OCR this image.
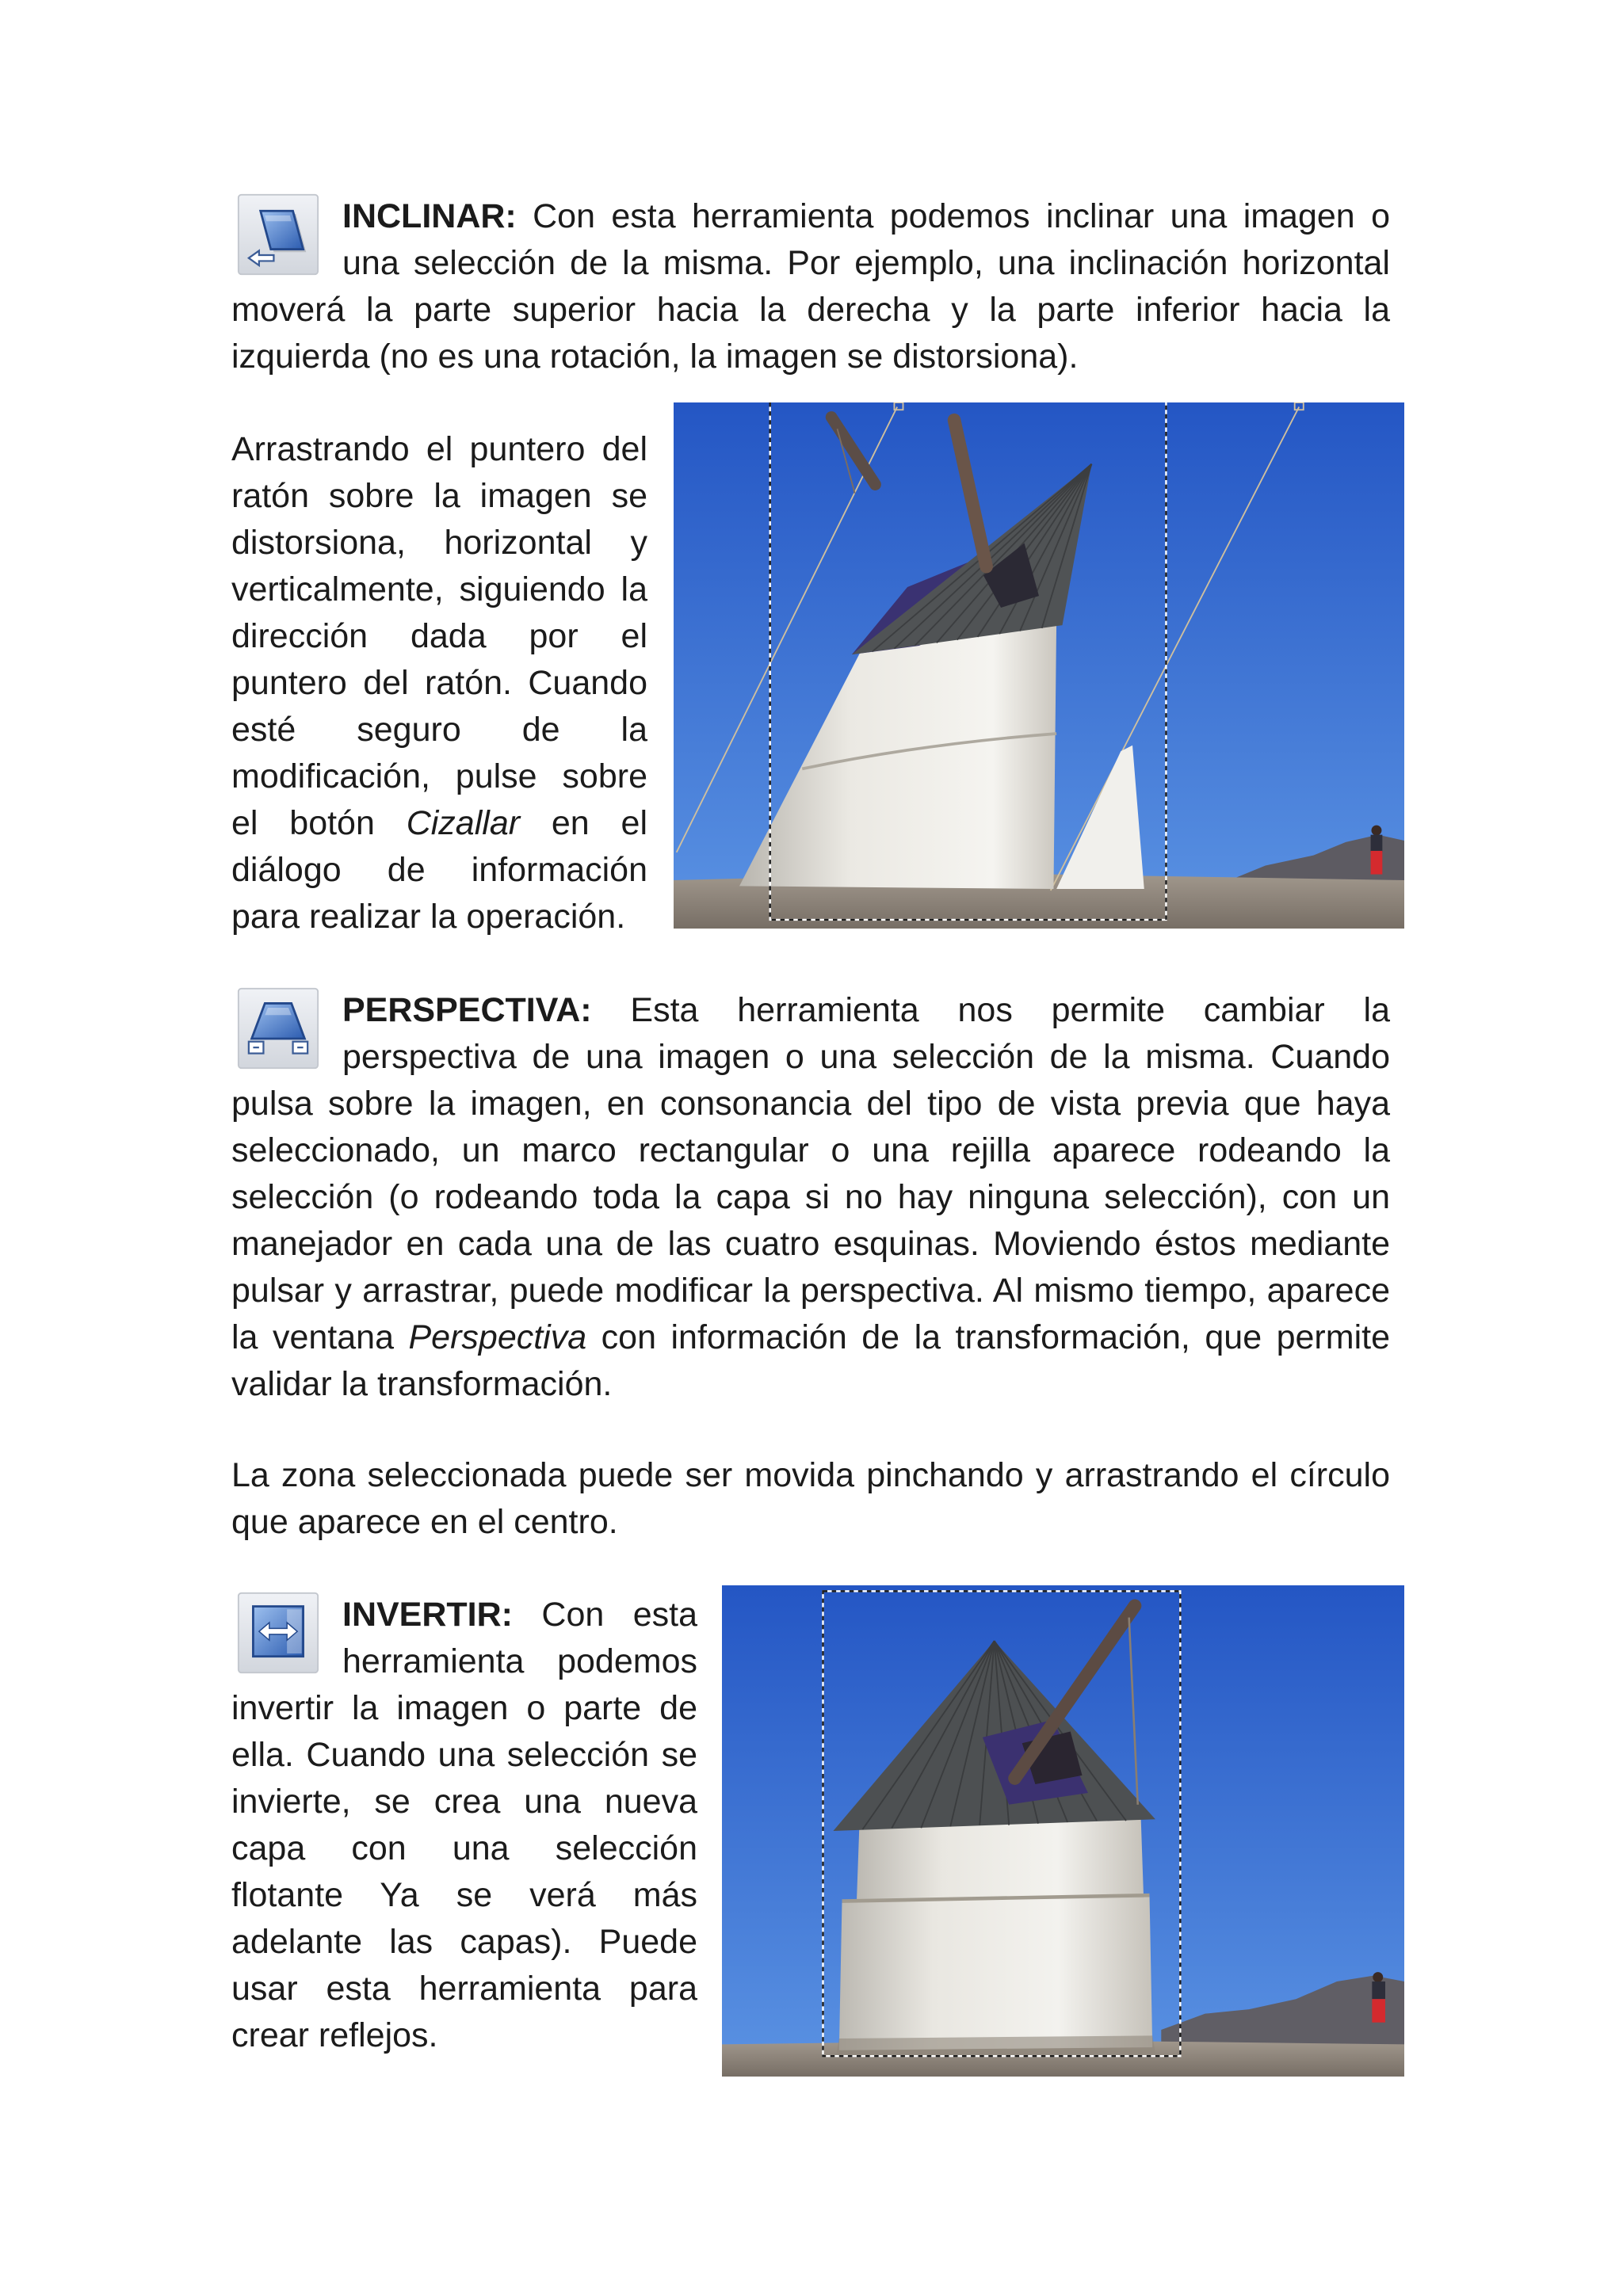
INCLINAR: Con esta herramienta podemos inclinar una imagen o una selección de la misma. Por ejemplo, una inclinación horizontal moverá la parte superior hacia la derecha y la parte inferior hacia la izquierda (no es una rotación, la imagen se distorsiona).

Arrastrando el puntero del ratón sobre la imagen se distorsiona, horizontal y verticalmente, siguiendo la dirección dada por el puntero del ratón. Cuando esté seguro de la modificación, pulse sobre el botón Cizallar en el diálogo de información para realizar la operación.

PERSPECTIVA: Esta herramienta nos permite cambiar la perspectiva de una imagen o una selección de la misma. Cuando pulsa sobre la imagen, en consonancia del tipo de vista previa que haya seleccionado, un marco rectangular o una rejilla aparece rodeando la selección (o rodeando toda la capa si no hay ninguna selección), con un manejador en cada una de las cuatro esquinas. Moviendo éstos mediante pulsar y arrastrar, puede modificar la perspectiva. Al mismo tiempo, aparece la ventana Perspectiva con información de la transformación, que permite validar la transformación.

La zona seleccionada puede ser movida pinchando y arrastrando el círculo que aparece en el centro.

INVERTIR: Con esta herramienta podemos invertir la imagen o parte de ella. Cuando una selección se invierte, se crea una nueva capa con una selección flotante Ya se verá más adelante las capas). Puede usar esta herramienta para crear reflejos.
